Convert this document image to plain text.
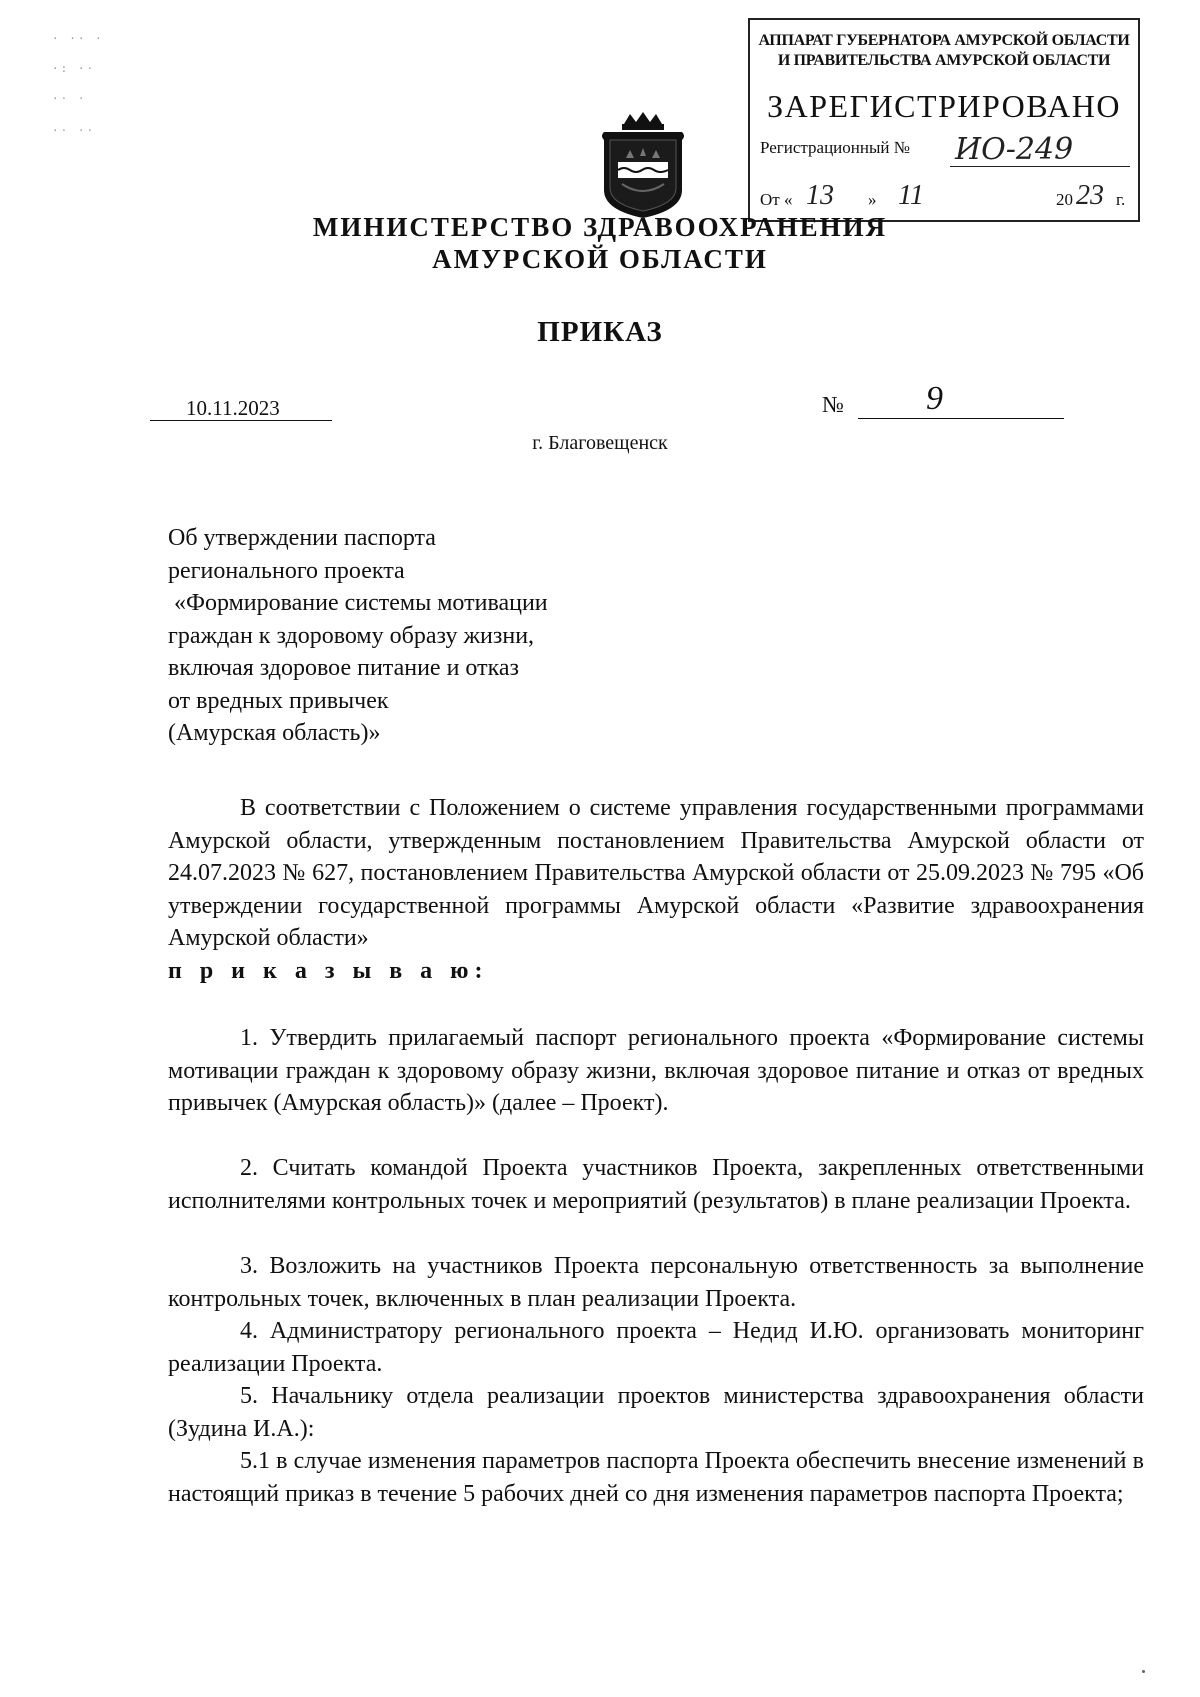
· ·· ·
·: ··
·· ·
·· ··
АППАРАТ ГУБЕРНАТОРА АМУРСКОЙ ОБЛАСТИ
И ПРАВИТЕЛЬСТВА АМУРСКОЙ ОБЛАСТИ
ЗАРЕГИСТРИРОВАНО
Регистрационный № ИО-249
От « 13 » 11	20 23 г.
МИНИСТЕРСТВО ЗДРАВООХРАНЕНИЯ
АМУРСКОЙ ОБЛАСТИ
ПРИКАЗ
10.11.2023	№ 9
г. Благовещенск
Об утверждении паспорта
регионального проекта
«Формирование системы мотивации
граждан к здоровому образу жизни,
включая здоровое питание и отказ
от вредных привычек
(Амурская область)»
В соответствии с Положением о системе управления государственными программами Амурской области, утвержденным постановлением Правительства Амурской области от 24.07.2023 № 627, постановлением Правительства Амурской области от 25.09.2023 № 795 «Об утверждении государственной программы Амурской области «Развитие здравоохранения Амурской области»
п р и к а з ы в а ю:
1. Утвердить прилагаемый паспорт регионального проекта «Формирование системы мотивации граждан к здоровому образу жизни, включая здоровое питание и отказ от вредных привычек (Амурская область)» (далее – Проект).
2. Считать командой Проекта участников Проекта, закрепленных ответственными исполнителями контрольных точек и мероприятий (результатов) в плане реализации Проекта.
3. Возложить на участников Проекта персональную ответственность за выполнение контрольных точек, включенных в план реализации Проекта.
4. Администратору регионального проекта – Недид И.Ю. организовать мониторинг реализации Проекта.
5. Начальнику отдела реализации проектов министерства здравоохранения области (Зудина И.А.):
5.1 в случае изменения параметров паспорта Проекта обеспечить внесение изменений в настоящий приказ в течение 5 рабочих дней со дня изменения параметров паспорта Проекта;
